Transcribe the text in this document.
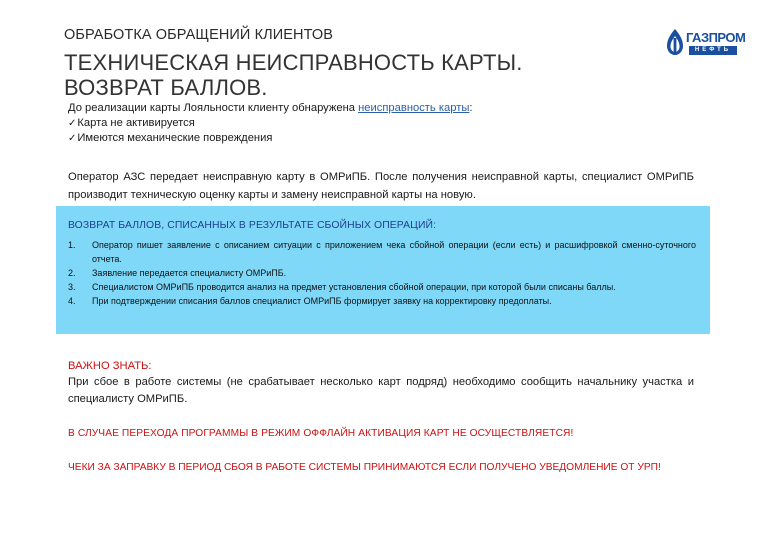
ОБРАБОТКА ОБРАЩЕНИЙ КЛИЕНТОВ
ТЕХНИЧЕСКАЯ НЕИСПРАВНОСТЬ КАРТЫ.
ВОЗВРАТ БАЛЛОВ.
ГАЗПРОМ
НЕФТЬ
До реализации карты Лояльности клиенту обнаружена неисправность карты:
✓Карта не активируется
✓Имеются механические повреждения
Оператор АЗС передает неисправную карту в ОМРиПБ. После получения неисправной карты, специалист ОМРиПБ производит техническую оценку карты и замену неисправной карты на новую.
ВОЗВРАТ БАЛЛОВ, СПИСАННЫХ В РЕЗУЛЬТАТЕ СБОЙНЫХ ОПЕРАЦИЙ:
1.	Оператор пишет заявление с описанием ситуации с приложением чека сбойной операции (если есть) и расшифровкой сменно-суточного отчета.
2.	Заявление передается специалисту ОМРиПБ.
3.	Специалистом ОМРиПБ проводится анализ на предмет установления сбойной операции, при которой были списаны баллы.
4.	При подтверждении списания баллов специалист ОМРиПБ формирует заявку на корректировку предоплаты.
ВАЖНО ЗНАТЬ:
При сбое в работе системы (не срабатывает несколько карт подряд) необходимо сообщить начальнику участка и специалисту ОМРиПБ.
В СЛУЧАЕ ПЕРЕХОДА ПРОГРАММЫ В РЕЖИМ ОФФЛАЙН АКТИВАЦИЯ КАРТ НЕ ОСУЩЕСТВЛЯЕТСЯ!
ЧЕКИ ЗА ЗАПРАВКУ В ПЕРИОД СБОЯ В РАБОТЕ СИСТЕМЫ ПРИНИМАЮТСЯ ЕСЛИ ПОЛУЧЕНО УВЕДОМЛЕНИЕ ОТ УРП!
